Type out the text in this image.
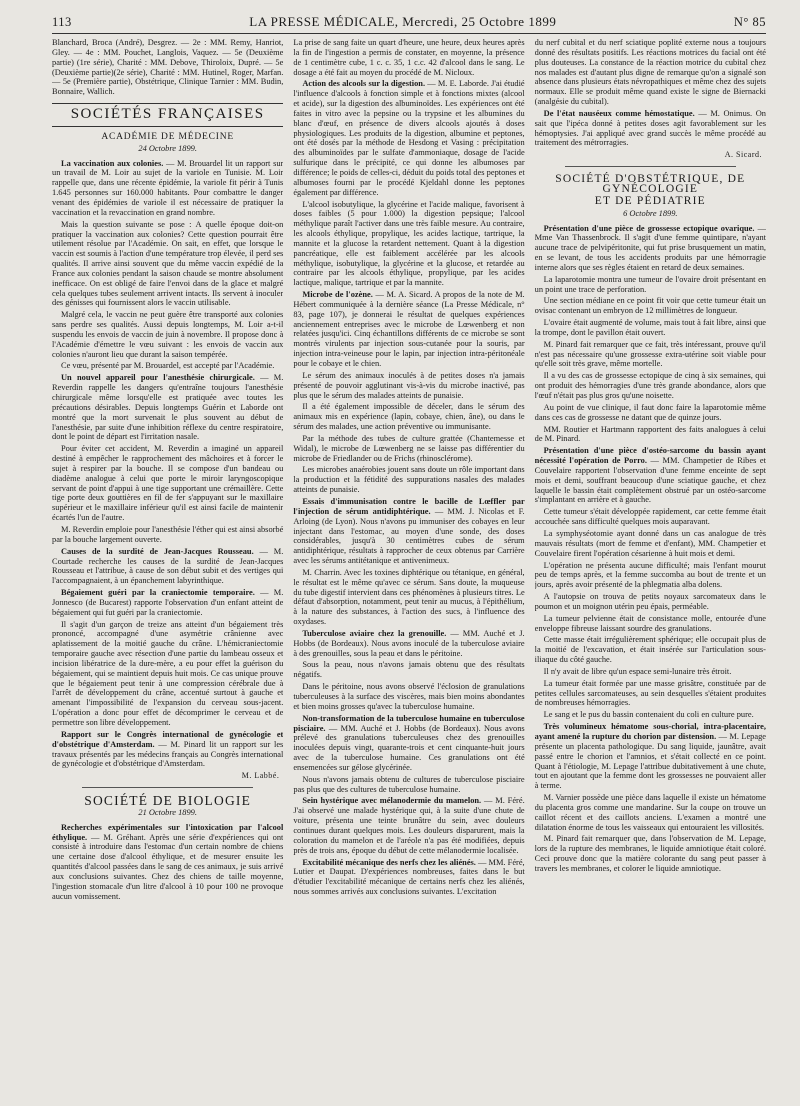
113	LA PRESSE MÉDICALE, Mercredi, 25 Octobre 1899	N° 85

Blanchard, Broca (André), Desgrez. — 2e : MM. Remy, Hanriot, Gley. — 4e : MM. Pouchet, Langlois, Vaquez. — 5e (Deuxième partie) (1re série), Charité : MM. Debove, Thiroloix, Dupré. — 5e (Deuxième partie)(2e série), Charité : MM. Hutinel, Roger, Marfan. — 5e (Première partie), Obstétrique, Clinique Tarnier : MM. Budin, Bonnaire, Wallich.

SOCIÉTÉS FRANÇAISES
ACADÉMIE DE MÉDECINE
24 Octobre 1899.

La vaccination aux colonies. — M. Brouardel lit un rapport sur un travail de M. Loir au sujet de la variole en Tunisie. M. Loir rappelle que, dans une récente épidémie, la variole fit périr à Tunis 1.645 personnes sur 160.000 habitants. Pour combattre le danger venant des épidémies de variole il est nécessaire de pratiquer la vaccination et la revaccination en grand nombre.

Mais la question suivante se pose : A quelle époque doit-on pratiquer la vaccination aux colonies? Cette question pourrait être utilement résolue par l'Académie. On sait, en effet, que lorsque le vaccin est soumis à l'action d'une température trop élevée, il perd ses qualités. Il arrive ainsi souvent que du même vaccin expédié de la France aux colonies pendant la saison chaude se montre absolument inefficace. On est obligé de faire l'envoi dans de la glace et malgré cela quelques tubes seulement arrivent intacts. Ils servent à inoculer des génisses qui fournissent alors le vaccin utilisable.

Malgré cela, le vaccin ne peut guère être transporté aux colonies sans perdre ses qualités. Aussi depuis longtemps, M. Loir a-t-il suspendu les envois de vaccin de juin à novembre. Il propose donc à l'Académie d'émettre le vœu suivant : les envois de vaccin aux colonies n'auront lieu que durant la saison tempérée.

Ce vœu, présenté par M. Brouardel, est accepté par l'Académie.

Un nouvel appareil pour l'anesthésie chirurgicale. — M. Reverdin rappelle les dangers qu'entraîne toujours l'anesthésie chirurgicale même lorsqu'elle est pratiquée avec toutes les précautions désirables. Depuis longtemps Guérin et Laborde ont montré que la mort survenait le plus souvent au début de l'anesthésie, par suite d'une inhibition réflexe du centre respiratoire, dont le point de départ est l'irritation nasale.

Pour éviter cet accident, M. Reverdin a imaginé un appareil destiné à empêcher le rapprochement des mâchoires et à forcer le sujet à respirer par la bouche. Il se compose d'un bandeau ou diadème analogue à celui que porte le miroir laryngoscopique servant de point d'appui à une tige supportant une crémaillère. Cette tige porte deux gouttières en fil de fer s'appuyant sur le maxillaire supérieur et le maxillaire inférieur qu'il est ainsi facile de maintenir écartés l'un de l'autre.

M. Reverdin emploie pour l'anesthésie l'éther qui est ainsi absorbé par la bouche largement ouverte.

Causes de la surdité de Jean-Jacques Rousseau. — M. Courtade recherche les causes de la surdité de Jean-Jacques Rousseau et l'attribue, à cause de son début subit et des vertiges qui l'accompagnaient, à un épanchement labyrinthique.

Bégaiement guéri par la craniectomie temporaire. — M. Jonnesco (de Bucarest) rapporte l'observation d'un enfant atteint de bégaiement qui fut guéri par la craniectomie.

Il s'agit d'un garçon de treize ans atteint d'un bégaiement très prononcé, accompagné d'une asymétrie crânienne avec aplatissement de la moitié gauche du crâne. L'hémicraniectomie temporaire gauche avec résection d'une partie du lambeau osseux et incision libératrice de la dure-mère, a eu pour effet la guérison du bégaiement, qui se maintient depuis huit mois. Ce cas unique prouve que le bégaiement peut tenir à une compression cérébrale due à l'arrêt de développement du crâne, accentué surtout à gauche et amenant l'impossibilité de l'expansion du cerveau sous-jacent. L'opération a donc pour effet de décomprimer le cerveau et de permettre son libre développement.

Rapport sur le Congrès international de gynécologie et d'obstétrique d'Amsterdam. — M. Pinard lit un rapport sur les travaux présentés par les médecins français au Congrès international de gynécologie et d'obstétrique d'Amsterdam.

M. Labbé.
SOCIÉTÉ DE BIOLOGIE
21 Octobre 1899.

Recherches expérimentales sur l'intoxication par l'alcool éthylique. — M. Gréhant. Après une série d'expériences qui ont consisté à introduire dans l'estomac d'un certain nombre de chiens une certaine dose d'alcool éthylique, et de mesurer ensuite les quantités d'alcool passées dans le sang de ces animaux, je suis arrivé aux conclusions suivantes. Chez des chiens de taille moyenne, l'ingestion stomacale d'un litre d'alcool à 10 pour 100 ne provoque aucun vomissement.

La prise de sang faite un quart d'heure, une heure, deux heures après la fin de l'ingestion a permis de constater, en moyenne, la présence de 1 centimètre cube, 1 c. c. 35, 1 c.c. 42 d'alcool dans le sang. Le dosage a été fait au moyen du procédé de M. Nicloux.

Action des alcools sur la digestion. — M. E. Laborde. J'ai étudié l'influence d'alcools à fonction simple et à fonctions mixtes (alcool et acide), sur la digestion des albuminoïdes. Les expériences ont été faites in vitro avec la pepsine ou la trypsine et les albumines du blanc d'œuf, en présence de divers alcools ajoutés à doses physiologiques. Les produits de la digestion, albumine et peptones, ont été dosés par la méthode de Hesdong et Vasing : précipitation des albuminoïdes par le sulfate d'ammoniaque, dosage de l'acide sulfurique dans le précipité, ce qui donne les albumoses par différence; le poids de celles-ci, déduit du poids total des peptones et albumoses fourni par le procédé Kjeldahl donne les peptones également par différence.

L'alcool isobutylique, la glycérine et l'acide malique, favorisent à doses faibles (5 pour 1.000) la digestion pepsique; l'alcool méthylique paraît l'activer dans une très faible mesure. Au contraire, les alcools éthylique, propylique, les acides lactique, tartrique, la mannite et la glucose la retardent nettement. Quant à la digestion pancréatique, elle est faiblement accélérée par les alcools méthylique, isobutylique, la glycérine et la glucose, et retardée au contraire par les alcools éthylique, propylique, par les acides lactique, malique, tartrique et par la mannite.

Microbe de l'ozène. — M. A. Sicard. A propos de la note de M. Hébert communiquée à la dernière séance (La Presse Médicale, n° 83, page 107), je donnerai le résultat de quelques expériences anciennement entreprises avec le microbe de Lœwenberg et non relatées jusqu'ici. Cinq échantillons différents de ce microbe se sont montrés virulents par injection sous-cutanée pour la souris, par injection intra-veineuse pour le lapin, par injection intra-péritonéale pour le cobaye et le chien.

Le sérum des animaux inoculés à de petites doses n'a jamais présenté de pouvoir agglutinant vis-à-vis du microbe inactivé, pas plus que le sérum des malades atteints de punaisie.

Il a été également impossible de déceler, dans le sérum des animaux mis en expérience (lapin, cobaye, chien, âne), ou dans le sérum des malades, une action préventive ou immunisante.

Par la méthode des tubes de culture grattée (Chantemesse et Widal), le microbe de Lœwenberg ne se laisse pas différentier du microbe de Friedlander ou de Frichs (rhinosclérome).

Les microbes anaérobies jouent sans doute un rôle important dans la production et la fétidité des suppurations nasales des malades atteints de punaisie.

Essais d'immunisation contre le bacille de Lœffler par l'injection de sérum antidiphtérique. — MM. J. Nicolas et F. Arloing (de Lyon). Nous n'avons pu immuniser des cobayes en leur injectant dans l'estomac, au moyen d'une sonde, des doses considérables, jusqu'à 30 centimètres cubes de sérum antidiphtérique, résultats à rapprocher de ceux obtenus par Carrière avec les sérums antitétanique et antivenimeux.

M. Charrin. Avec les toxines diphtérique ou tétanique, en général, le résultat est le même qu'avec ce sérum. Sans doute, la muqueuse du tube digestif intervient dans ces phénomènes à plusieurs titres. Le défaut d'absorption, notamment, peut tenir au mucus, à l'épithélium, à la nature des substances, à l'action des sucs, à l'influence des oxydases.

Tuberculose aviaire chez la grenouille. — MM. Auché et J. Hobbs (de Bordeaux). Nous avons inoculé de la tuberculose aviaire à des grenouilles, sous la peau et dans le péritoine.

Sous la peau, nous n'avons jamais obtenu que des résultats négatifs.

Dans le péritoine, nous avons observé l'éclosion de granulations tuberculeuses à la surface des viscères, mais bien moins abondantes et bien moins grosses qu'avec la tuberculose humaine.

Non-transformation de la tuberculose humaine en tuberculose pisciaire. — MM. Auché et J. Hobbs (de Bordeaux). Nous avons prélevé des granulations tuberculeuses chez des grenouilles inoculées depuis vingt, quarante-trois et cent cinquante-huit jours avec de la tuberculose humaine. Ces granulations ont été ensemencées sur gélose glycérinée.

Nous n'avons jamais obtenu de cultures de tuberculose pisciaire pas plus que des cultures de tuberculose humaine.

Sein hystérique avec mélanodermie du mamelon. — M. Féré. J'ai observé une malade hystérique qui, à la suite d'une chute de voiture, présenta une teinte brunâtre du sein, avec douleurs continues durant quelques mois. Les douleurs disparurent, mais la coloration du mamelon et de l'aréole n'a pas été modifiées, depuis près de trois ans, époque du début de cette mélanodermie localisée.

Excitabilité mécanique des nerfs chez les aliénés. — MM. Féré, Lutier et Daupat. D'expériences nombreuses, faites dans le but d'étudier l'excitabilité mécanique de certains nerfs chez les aliénés, nous sommes arrivés aux conclusions suivantes. L'excitation

du nerf cubital et du nerf sciatique poplité externe nous a toujours donné des résultats positifs. Les réactions motrices du facial ont été plus douteuses. La constance de la réaction motrice du cubital chez nos malades est d'autant plus digne de remarque qu'on a signalé son absence dans plusieurs états névropathiques et même chez des sujets normaux. Elle se produit même quand existe le signe de Biernacki (analgésie du cubital).

De l'état nauséeux comme hémostatique. — M. Onimus. On sait que l'ipéca donné à petites doses agit favorablement sur les hémoptysies. J'ai appliqué avec grand succès le même procédé au traitement des métrorragies.

A. Sicard.
SOCIÉTÉ D'OBSTÉTRIQUE, DE GYNÉCOLOGIE
ET DE PÉDIATRIE
6 Octobre 1899.

Présentation d'une pièce de grossesse ectopique ovarique. — Mme Van Thassenbrock. Il s'agit d'une femme quintipare, n'ayant aucune trace de pelvipéritonite, qui fut prise brusquement un matin, en se levant, de tous les accidents produits par une hémorragie interne alors que ses règles étaient en retard de deux semaines.

La laparotomie montra une tumeur de l'ovaire droit présentant en un point une trace de perforation.

Une section médiane en ce point fit voir que cette tumeur était un ovisac contenant un embryon de 12 millimètres de longueur.

L'ovaire était augmenté de volume, mais tout à fait libre, ainsi que la trompe, dont le pavillon était ouvert.

M. Pinard fait remarquer que ce fait, très intéressant, prouve qu'il n'est pas nécessaire qu'une grossesse extra-utérine soit viable pour qu'elle soit très grave, même mortelle.

Il a vu des cas de grossesse ectopique de cinq à six semaines, qui ont produit des hémorragies d'une très grande abondance, alors que l'œuf n'était pas plus gros qu'une noisette.

Au point de vue clinique, il faut donc faire la laparotomie même dans ces cas de grossesse ne datant que de quinze jours.

MM. Routier et Hartmann rapportent des faits analogues à celui de M. Pinard.

Présentation d'une pièce d'ostéo-sarcome du bassin ayant nécessité l'opération de Porro. — MM. Champetier de Ribes et Couvelaire rapportent l'observation d'une femme enceinte de sept mois et demi, souffrant beaucoup d'une sciatique gauche, et chez laquelle le bassin était complètement obstrué par un ostéo-sarcome s'implantant en arrière et à gauche.

Cette tumeur s'était développée rapidement, car cette femme était accouchée sans difficulté quelques mois auparavant.

La symphyséotomie ayant donné dans un cas analogue de très mauvais résultats (mort de femme et d'enfant), MM. Champetier et Couvelaire firent l'opération césarienne à huit mois et demi.

L'opération ne présenta aucune difficulté; mais l'enfant mourut peu de temps après, et la femme succomba au bout de trente et un jours, après avoir présenté de la phlegmatia alba dolens.

A l'autopsie on trouva de petits noyaux sarcomateux dans le poumon et un moignon utérin peu épais, perméable.

La tumeur pelvienne était de consistance molle, entourée d'une enveloppe fibreuse laissant sourdre des granulations.

Cette masse était irrégulièrement sphérique; elle occupait plus de la moitié de l'excavation, et était insérée sur l'articulation sous-iliaque du côté gauche.

Il n'y avait de libre qu'un espace semi-lunaire très étroit.

La tumeur était formée par une masse grisâtre, constituée par de petites cellules sarcomateuses, au sein desquelles s'étaient produites de nombreuses hémorragies.

Le sang et le pus du bassin contenaient du coli en culture pure.

Très volumineux hématome sous-chorial, intra-placentaire, ayant amené la rupture du chorion par distension. — M. Lepage présente un placenta pathologique. Du sang liquide, jaunâtre, avait passé entre le chorion et l'amnios, et s'était collecté en ce point. Quant à l'étiologie, M. Lepage l'attribue dubitativement à une chute, tout en ajoutant que la femme dont les grossesses ne pouvaient aller à terme.

M. Varnier possède une pièce dans laquelle il existe un hématome du placenta gros comme une mandarine. Sur la coupe on trouve un caillot récent et des caillots anciens. L'examen a montré une dilatation énorme de tous les vaisseaux qui entouraient les villosités.

M. Pinard fait remarquer que, dans l'observation de M. Lepage, lors de la rupture des membranes, le liquide amniotique était coloré. Ceci prouve donc que la matière colorante du sang peut passer à travers les membranes, et colorer le liquide amniotique.
